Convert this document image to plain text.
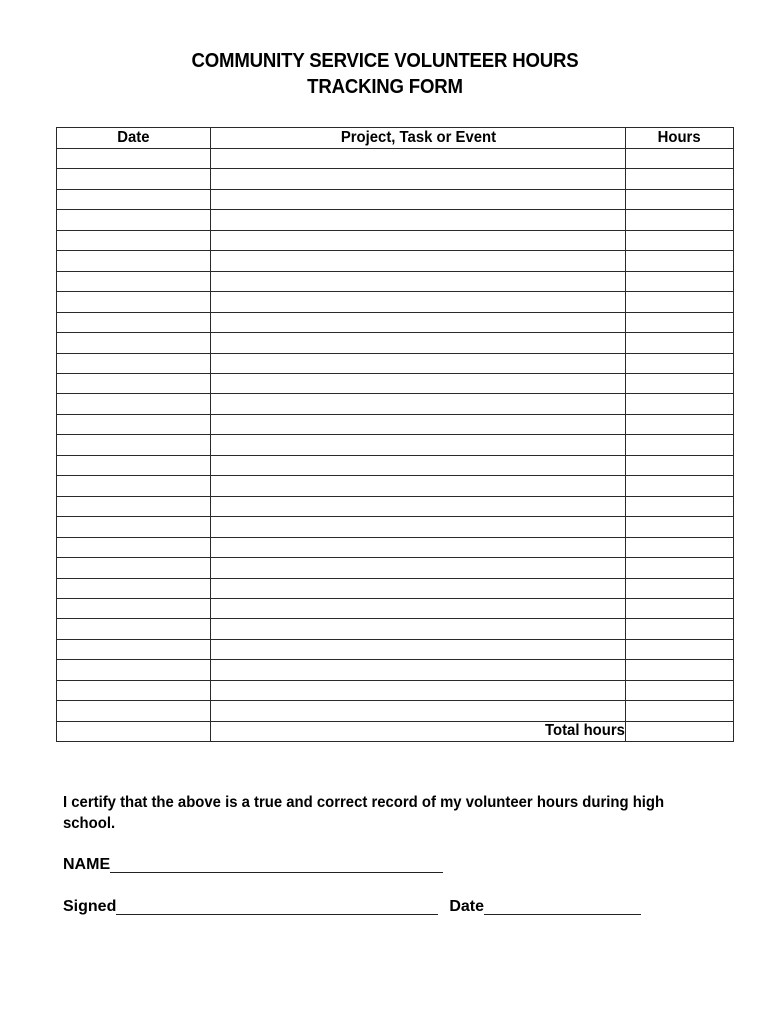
COMMUNITY SERVICE VOLUNTEER HOURS
TRACKING FORM
Date	Project, Task or Event	Hours

	Total hours	
I certify that the above is a true and correct record of my volunteer hours during high school.
NAME
Signed	Date
